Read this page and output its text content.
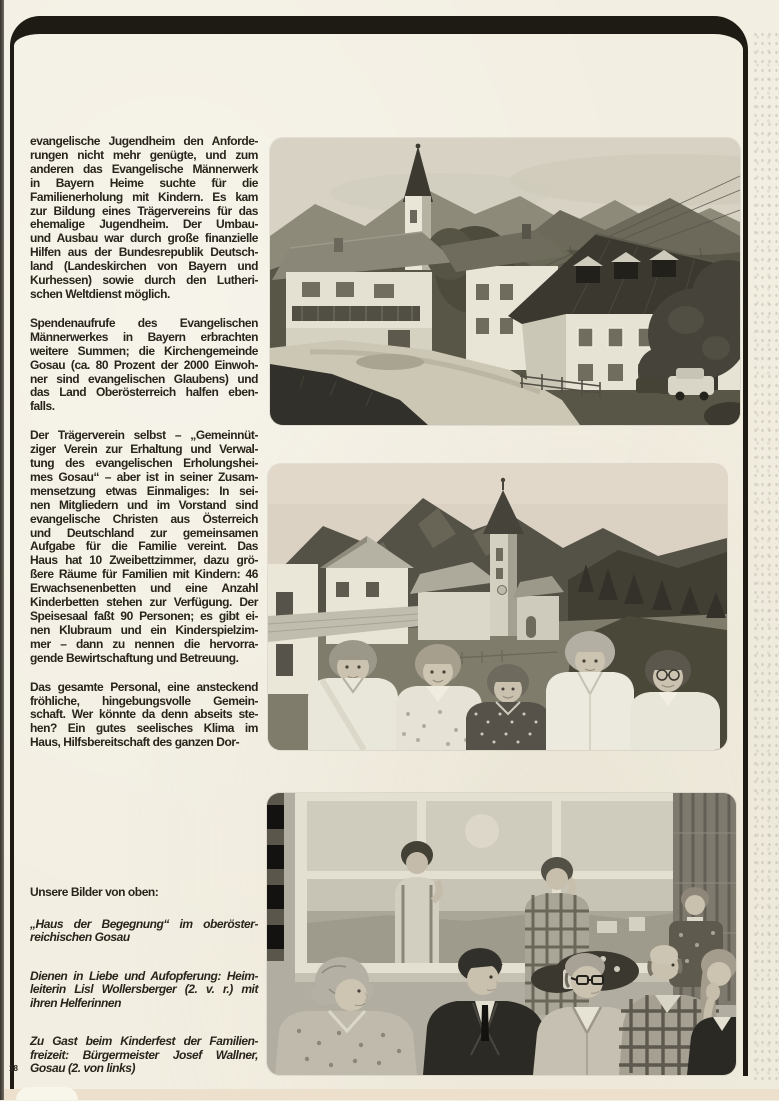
evangelische Jugendheim den Anforde-
rungen nicht mehr genügte, und zum
anderen das Evangelische Männerwerk
in Bayern Heime suchte für die
Familienerholung mit Kindern. Es kam
zur Bildung eines Trägervereins für das
ehemalige Jugendheim. Der Umbau-
und Ausbau war durch große finanzielle
Hilfen aus der Bundesrepublik Deutsch-
land (Landeskirchen von Bayern und
Kurhessen) sowie durch den Lutheri-
schen Weltdienst möglich.
Spendenaufrufe des Evangelischen
Männerwerkes in Bayern erbrachten
weitere Summen; die Kirchengemeinde
Gosau (ca. 80 Prozent der 2000 Einwoh-
ner sind evangelischen Glaubens) und
das Land Oberösterreich halfen eben-
falls.
Der Trägerverein selbst – „Gemeinnüt-
ziger Verein zur Erhaltung und Verwal-
tung des evangelischen Erholungshei-
mes Gosau“ – aber ist in seiner Zusam-
mensetzung etwas Einmaliges: In sei-
nen Mitgliedern und im Vorstand sind
evangelische Christen aus Österreich
und Deutschland zur gemeinsamen
Aufgabe für die Familie vereint. Das
Haus hat 10 Zweibettzimmer, dazu grö-
ßere Räume für Familien mit Kindern: 46
Erwachsenenbetten und eine Anzahl
Kinderbetten stehen zur Verfügung. Der
Speisesaal faßt 90 Personen; es gibt ei-
nen Klubraum und ein Kinderspielzim-
mer – dann zu nennen die hervorra-
gende Bewirtschaftung und Betreuung.
Das gesamte Personal, eine ansteckend
fröhliche, hingebungsvolle Gemein-
schaft. Wer könnte da denn abseits ste-
hen? Ein gutes seelisches Klima im
Haus, Hilfsbereitschaft des ganzen Dor-
Unsere Bilder von oben:
„Haus der Begegnung“ im oberöster-
reichischen Gosau
Dienen in Liebe und Aufopferung: Heim-
leiterin Lisl Wollersberger (2. v. r.) mit
ihren Helferinnen
Zu Gast beim Kinderfest der Familien-
freizeit: Bürgermeister Josef Wallner,
Gosau (2. von links)
18
